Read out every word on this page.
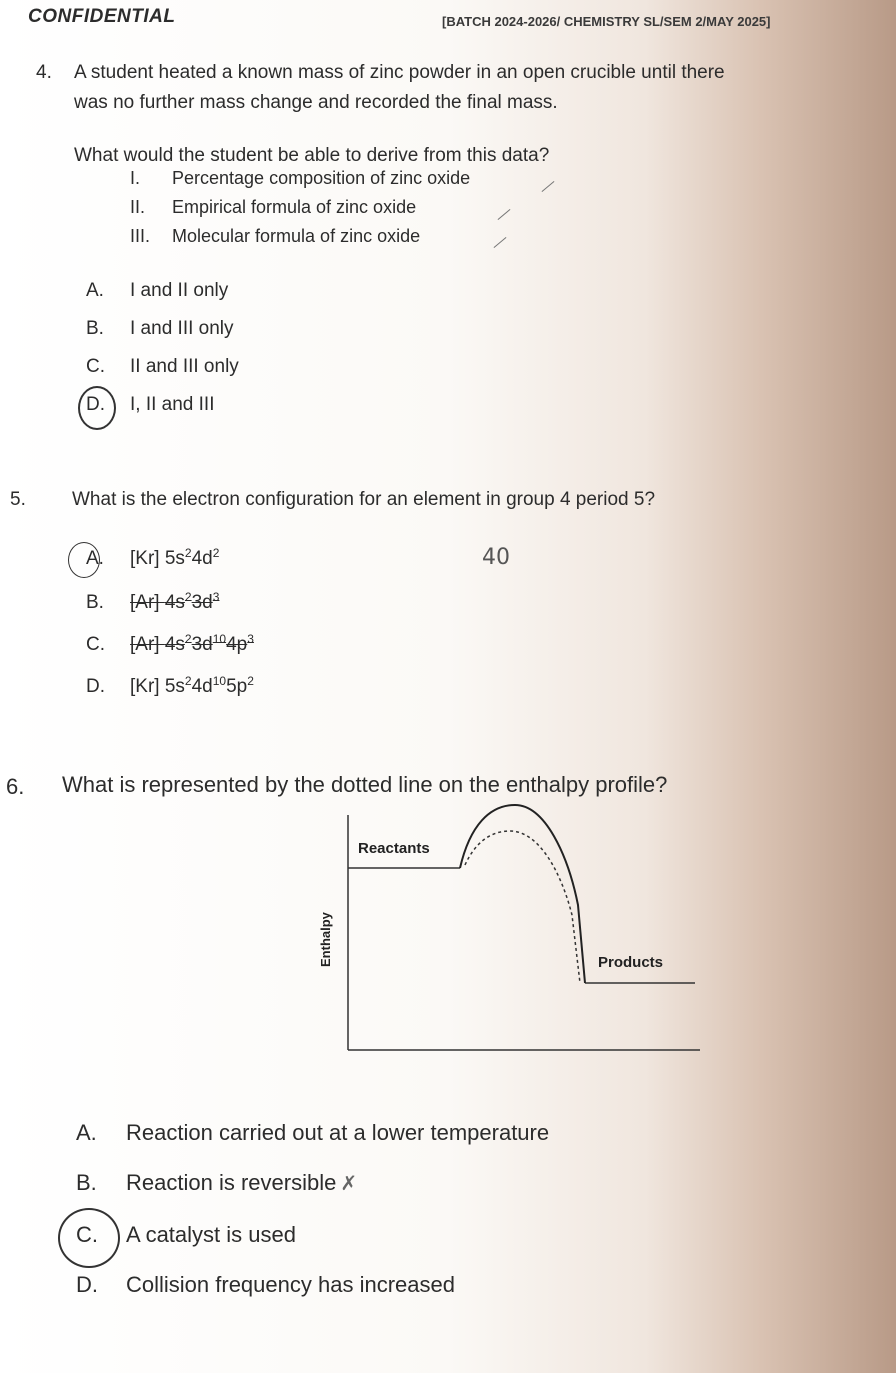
CONFIDENTIAL	[BATCH 2024-2026/ CHEMISTRY SL/SEM 2/MAY 2025]
4. A student heated a known mass of zinc powder in an open crucible until there
was no further mass change and recorded the final mass.
What would the student be able to derive from this data?
I. Percentage composition of zinc oxide
II. Empirical formula of zinc oxide
III. Molecular formula of zinc oxide
A. I and II only
B. I and III only
C. II and III only
D. I, II and III
5. What is the electron configuration for an element in group 4 period 5?
40
A. [Kr] $5s^24d^2$
B. [Ar] $4s^23d^3$
C. [Ar] $4s^23d^{10}4p^3$
D. [Kr] $5s^24d^{10}5p^2$
6. What is represented by the dotted line on the enthalpy profile?
Reactants
Products
Enthalpy
A. Reaction carried out at a lower temperature
B. Reaction is reversible ✗
C. A catalyst is used
D. Collision frequency has increased
